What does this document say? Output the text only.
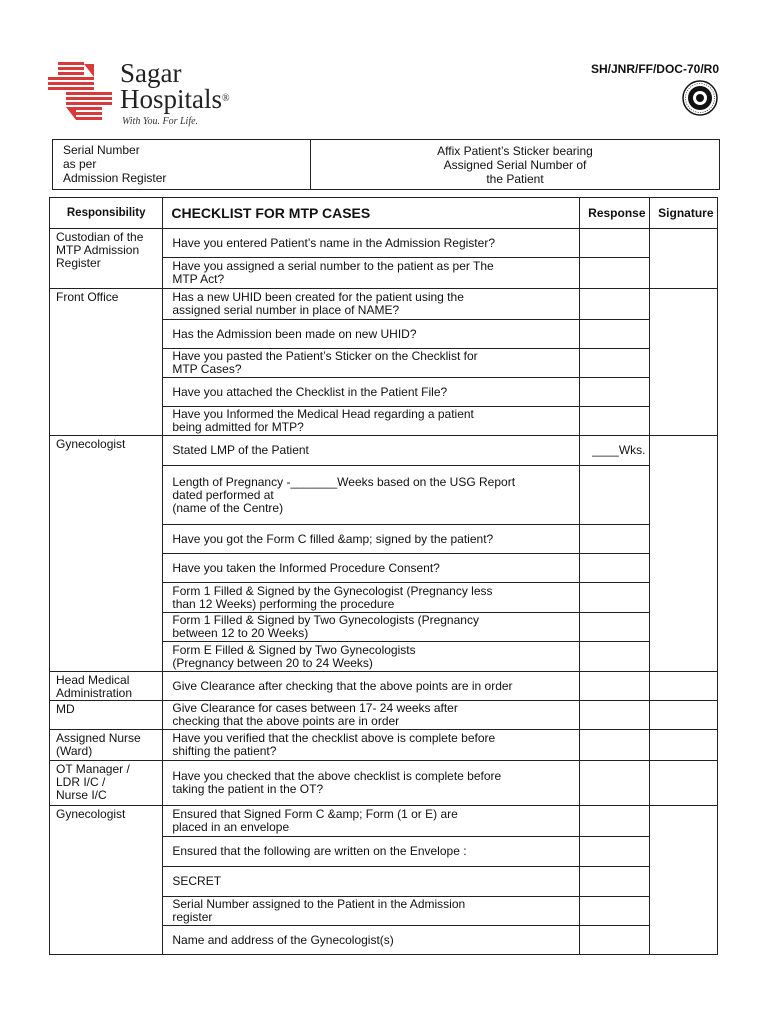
Sagar
Hospitals®
With You. For Life.
SH/JNR/FF/DOC-70/R0
Serial Number
as per
Admission Register
Affix Patient’s Sticker bearing
Assigned Serial Number of
the Patient
Responsibility	CHECKLIST FOR MTP CASES	Response	Signature

Custodian of the
MTP Admission
Register	Have you entered Patient’s name in the Admission Register?		

	Have you assigned a serial number to the patient as per The
MTP Act?		

Front Office	Has a new UHID been created for the patient using the
assigned serial number in place of NAME?		

	Has the Admission been made on new UHID?		

	Have you pasted the Patient’s Sticker on the Checklist for
MTP Cases?		

	Have you attached the Checklist in the Patient File?		

	Have you Informed the Medical Head regarding a patient
being admitted for MTP?		

Gynecologist	Stated LMP of the Patient	____Wks.	

	Length of Pregnancy -_______Weeks based on the USG Report
dated performed at
(name of the Centre)		

	Have you got the Form C filled &amp; signed by the patient?		

	Have you taken the Informed Procedure Consent?		

	Form 1 Filled & Signed by the Gynecologist (Pregnancy less
than 12 Weeks) performing the procedure		

	Form 1 Filled & Signed by Two Gynecologists (Pregnancy
between 12 to 20 Weeks)		

	Form E Filled & Signed by Two Gynecologists
(Pregnancy between 20 to 24 Weeks)		

Head Medical
Administration	Give Clearance after checking that the above points are in order		

MD	Give Clearance for cases between 17- 24 weeks after
checking that the above points are in order		

Assigned Nurse
(Ward)	Have you verified that the checklist above is complete before
shifting the patient?		

OT Manager /
LDR I/C /
Nurse I/C	Have you checked that the above checklist is complete before
taking the patient in the OT?		

Gynecologist	Ensured that Signed Form C &amp; Form (1 or E) are
placed in an envelope		

	Ensured that the following are written on the Envelope :		

	SECRET		

	Serial Number assigned to the Patient in the Admission
register		

	Name and address of the Gynecologist(s)		
